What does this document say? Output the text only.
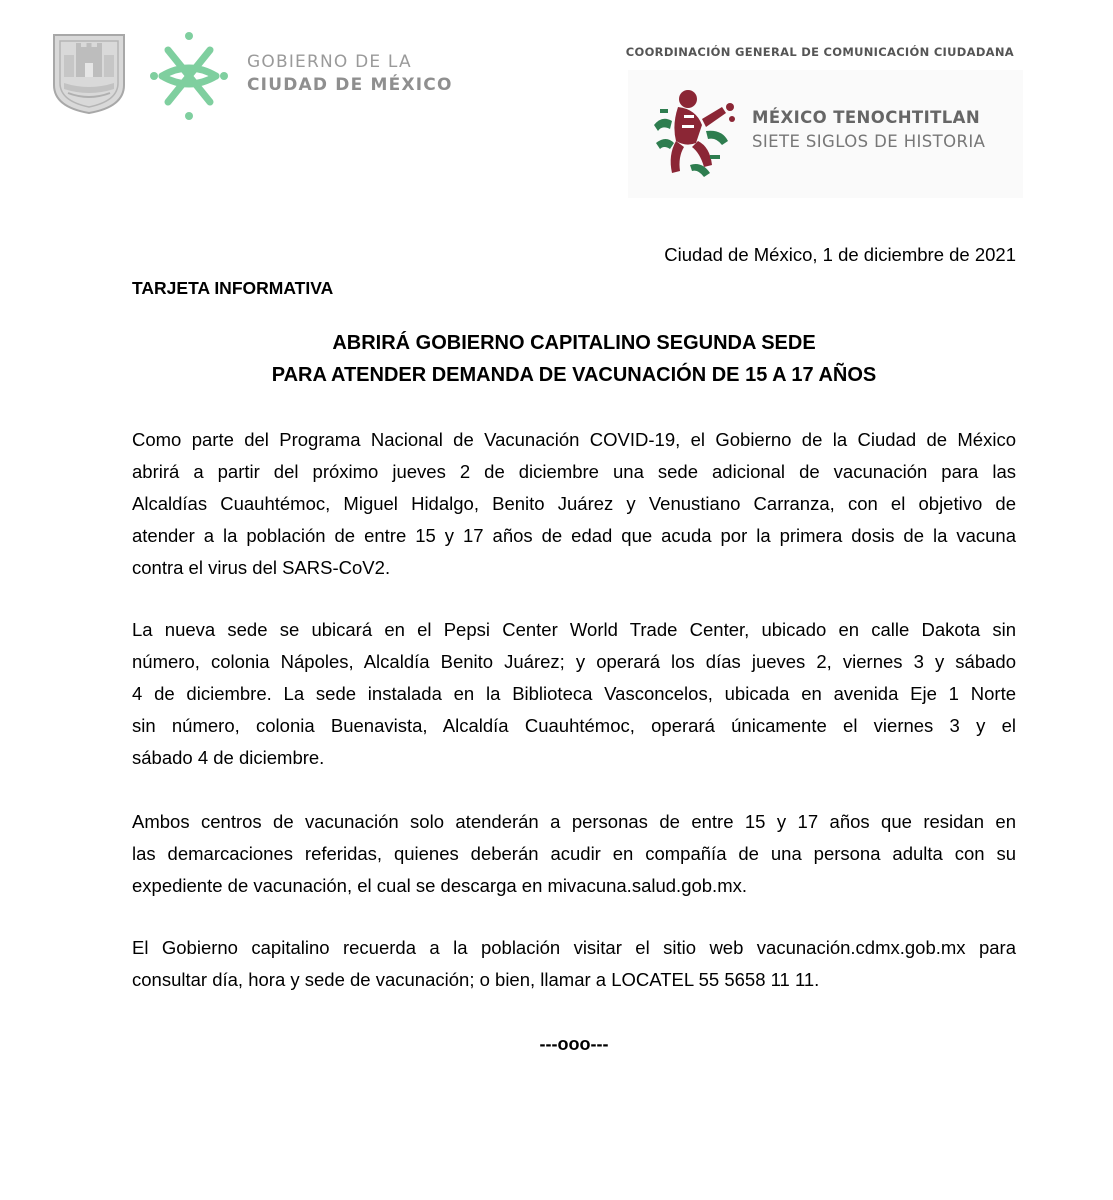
GOBIERNO DE LA
CIUDAD DE MÉXICO
COORDINACIÓN GENERAL DE COMUNICACIÓN CIUDADANA
MÉXICO TENOCHTITLAN
SIETE SIGLOS DE HISTORIA
Ciudad de México, 1 de diciembre de 2021
TARJETA INFORMATIVA
ABRIRÁ GOBIERNO CAPITALINO SEGUNDA SEDE
PARA ATENDER DEMANDA DE VACUNACIÓN DE 15 A 17 AÑOS
Como parte del Programa Nacional de Vacunación COVID-19, el Gobierno de la Ciudad de México
abrirá a partir del próximo jueves 2 de diciembre una sede adicional de vacunación para las
Alcaldías Cuauhtémoc, Miguel Hidalgo, Benito Juárez y Venustiano Carranza, con el objetivo de
atender a la población de entre 15 y 17 años de edad que acuda por la primera dosis de la vacuna
contra el virus del SARS-CoV2.
La nueva sede se ubicará en el Pepsi Center World Trade Center, ubicado en calle Dakota sin
número, colonia Nápoles, Alcaldía Benito Juárez; y operará los días jueves 2, viernes 3 y sábado
4 de diciembre. La sede instalada en la Biblioteca Vasconcelos, ubicada en avenida Eje 1 Norte
sin número, colonia Buenavista, Alcaldía Cuauhtémoc, operará únicamente el viernes 3 y el
sábado 4 de diciembre.
Ambos centros de vacunación solo atenderán a personas de entre 15 y 17 años que residan en
las demarcaciones referidas, quienes deberán acudir en compañía de una persona adulta con su
expediente de vacunación, el cual se descarga en mivacuna.salud.gob.mx.
El Gobierno capitalino recuerda a la población visitar el sitio web vacunación.cdmx.gob.mx para
consultar día, hora y sede de vacunación; o bien, llamar a LOCATEL 55 5658 11 11.
---ooo---
